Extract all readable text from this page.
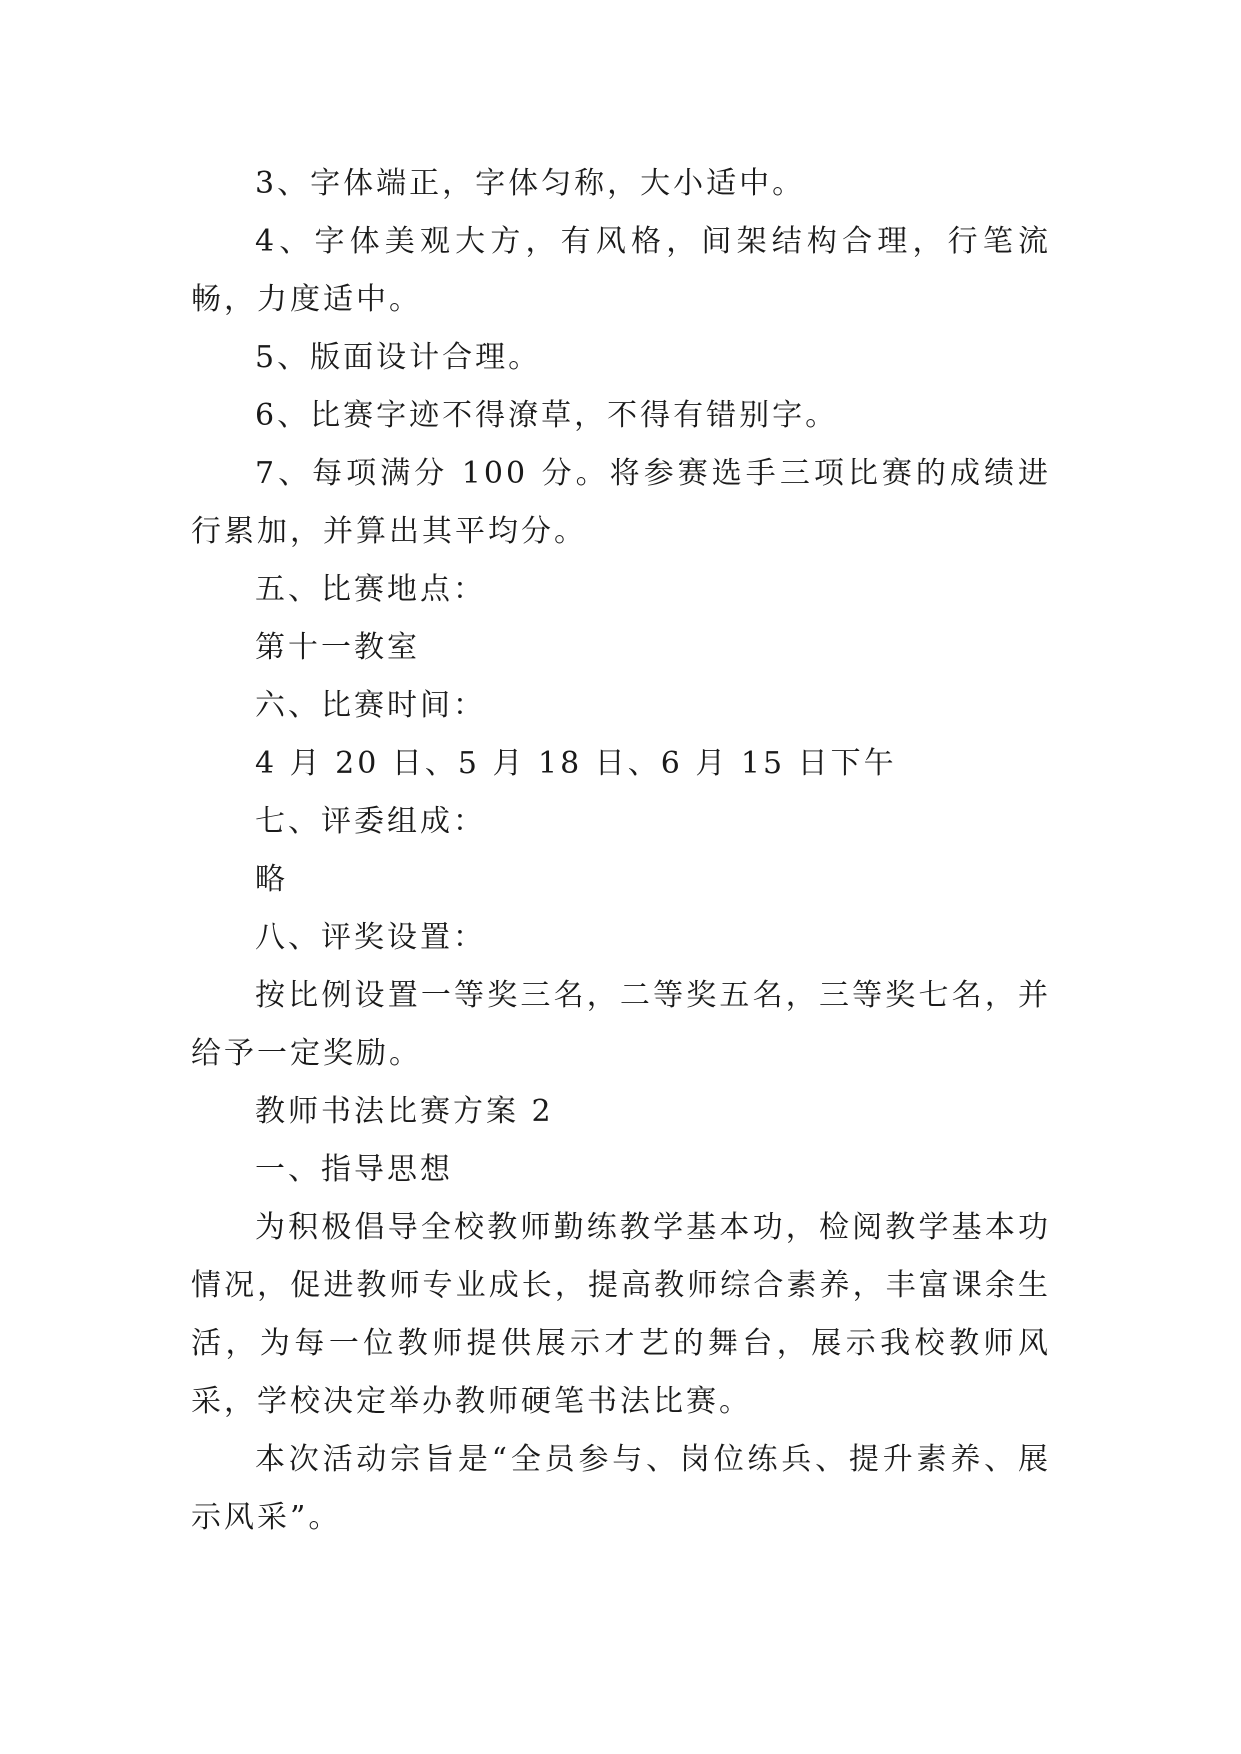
3、字体端正，字体匀称，大小适中。

4、字体美观大方，有风格，间架结构合理，行笔流畅，力度适中。

5、版面设计合理。

6、比赛字迹不得潦草，不得有错别字。

7、每项满分 100 分。将参赛选手三项比赛的成绩进行累加，并算出其平均分。

五、比赛地点：

第十一教室

六、比赛时间：

4 月 20 日、5 月 18 日、6 月 15 日下午

七、评委组成：

略

八、评奖设置：

按比例设置一等奖三名，二等奖五名，三等奖七名，并给予一定奖励。

教师书法比赛方案 2

一、指导思想

为积极倡导全校教师勤练教学基本功，检阅教学基本功情况，促进教师专业成长，提高教师综合素养，丰富课余生活，为每一位教师提供展示才艺的舞台，展示我校教师风采，学校决定举办教师硬笔书法比赛。

本次活动宗旨是“全员参与、岗位练兵、提升素养、展示风采”。
